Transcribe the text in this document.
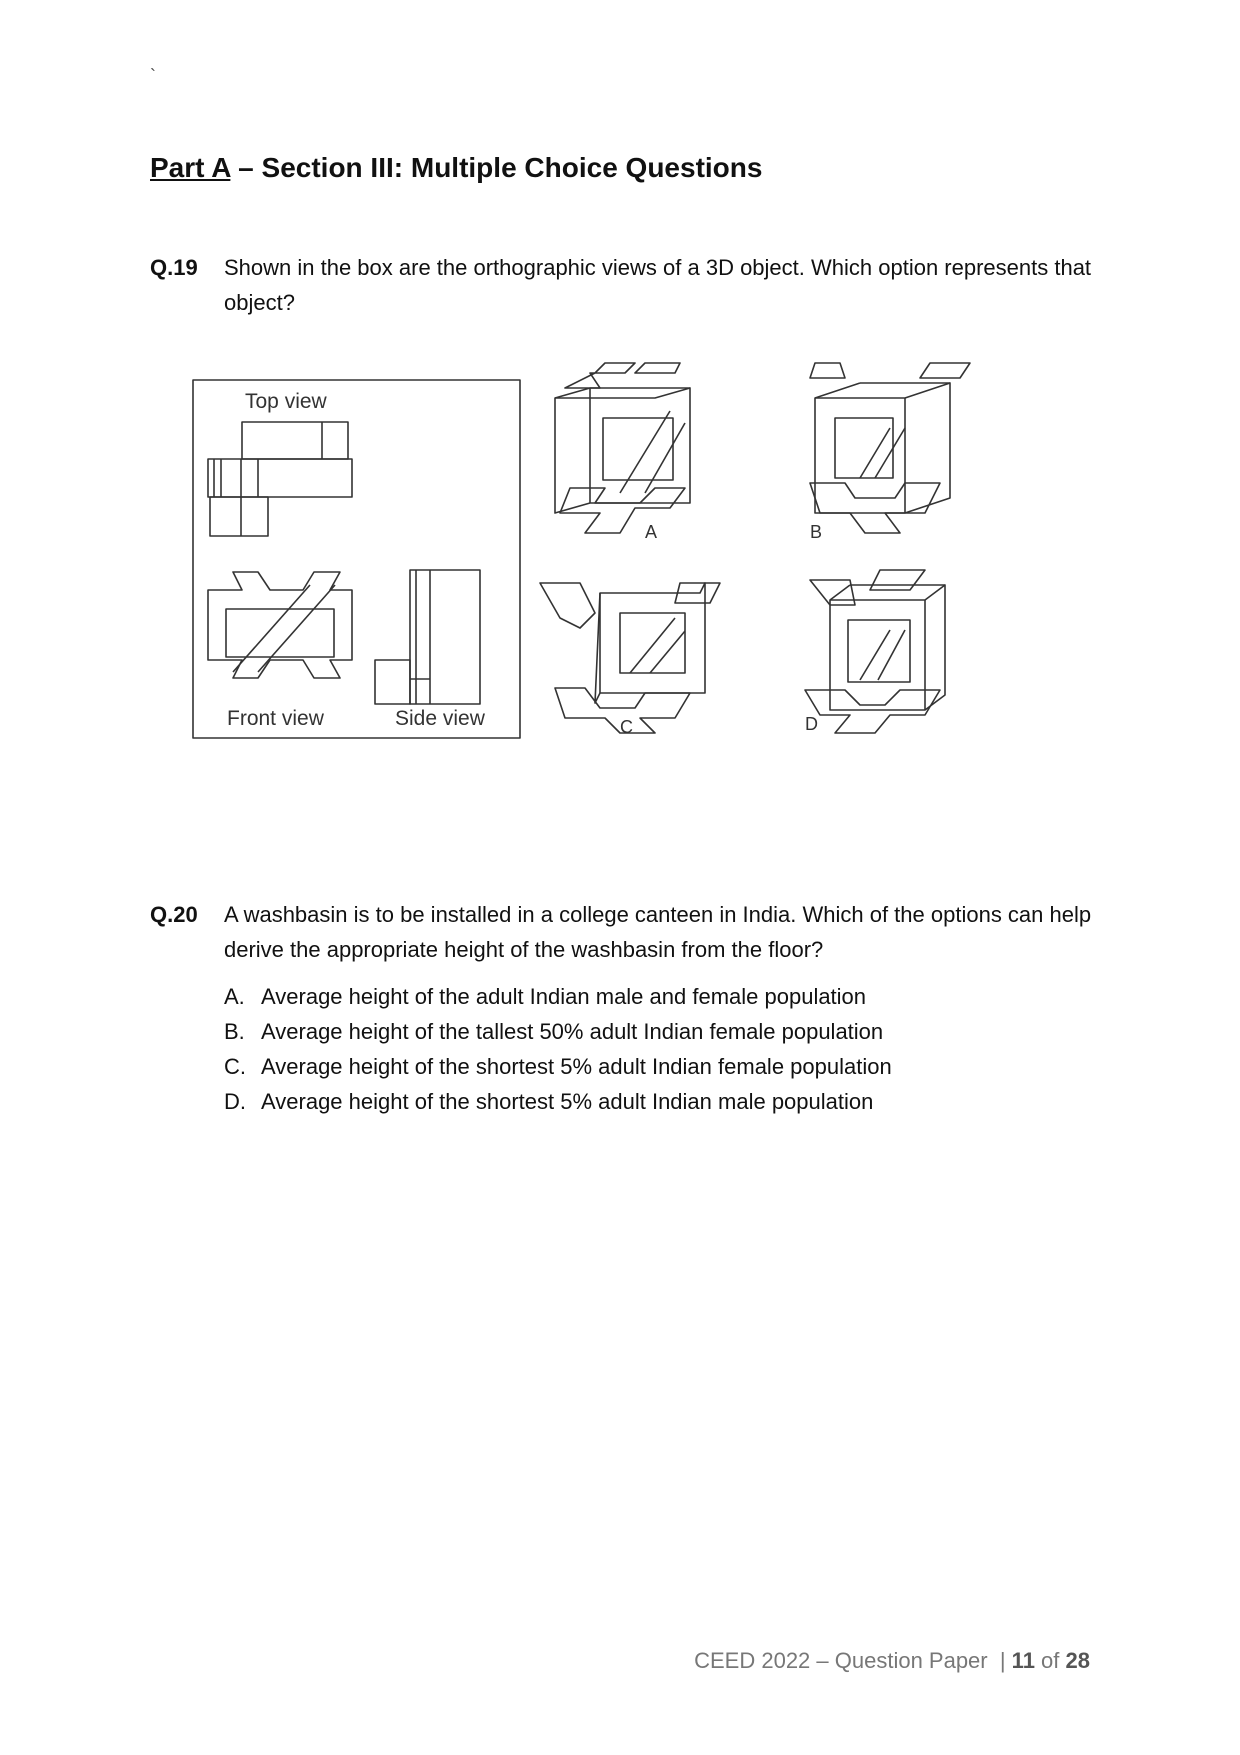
`
Part A – Section III: Multiple Choice Questions
Q.19 Shown in the box are the orthographic views of a 3D object. Which option represents that object?
Top view
Front view	Side view
A	B
C	D
Q.20 A washbasin is to be installed in a college canteen in India. Which of the options can help derive the appropriate height of the washbasin from the floor?
A. Average height of the adult Indian male and female population
B. Average height of the tallest 50% adult Indian female population
C. Average height of the shortest 5% adult Indian female population
D. Average height of the shortest 5% adult Indian male population
CEED 2022 – Question Paper  | 11 of 28
